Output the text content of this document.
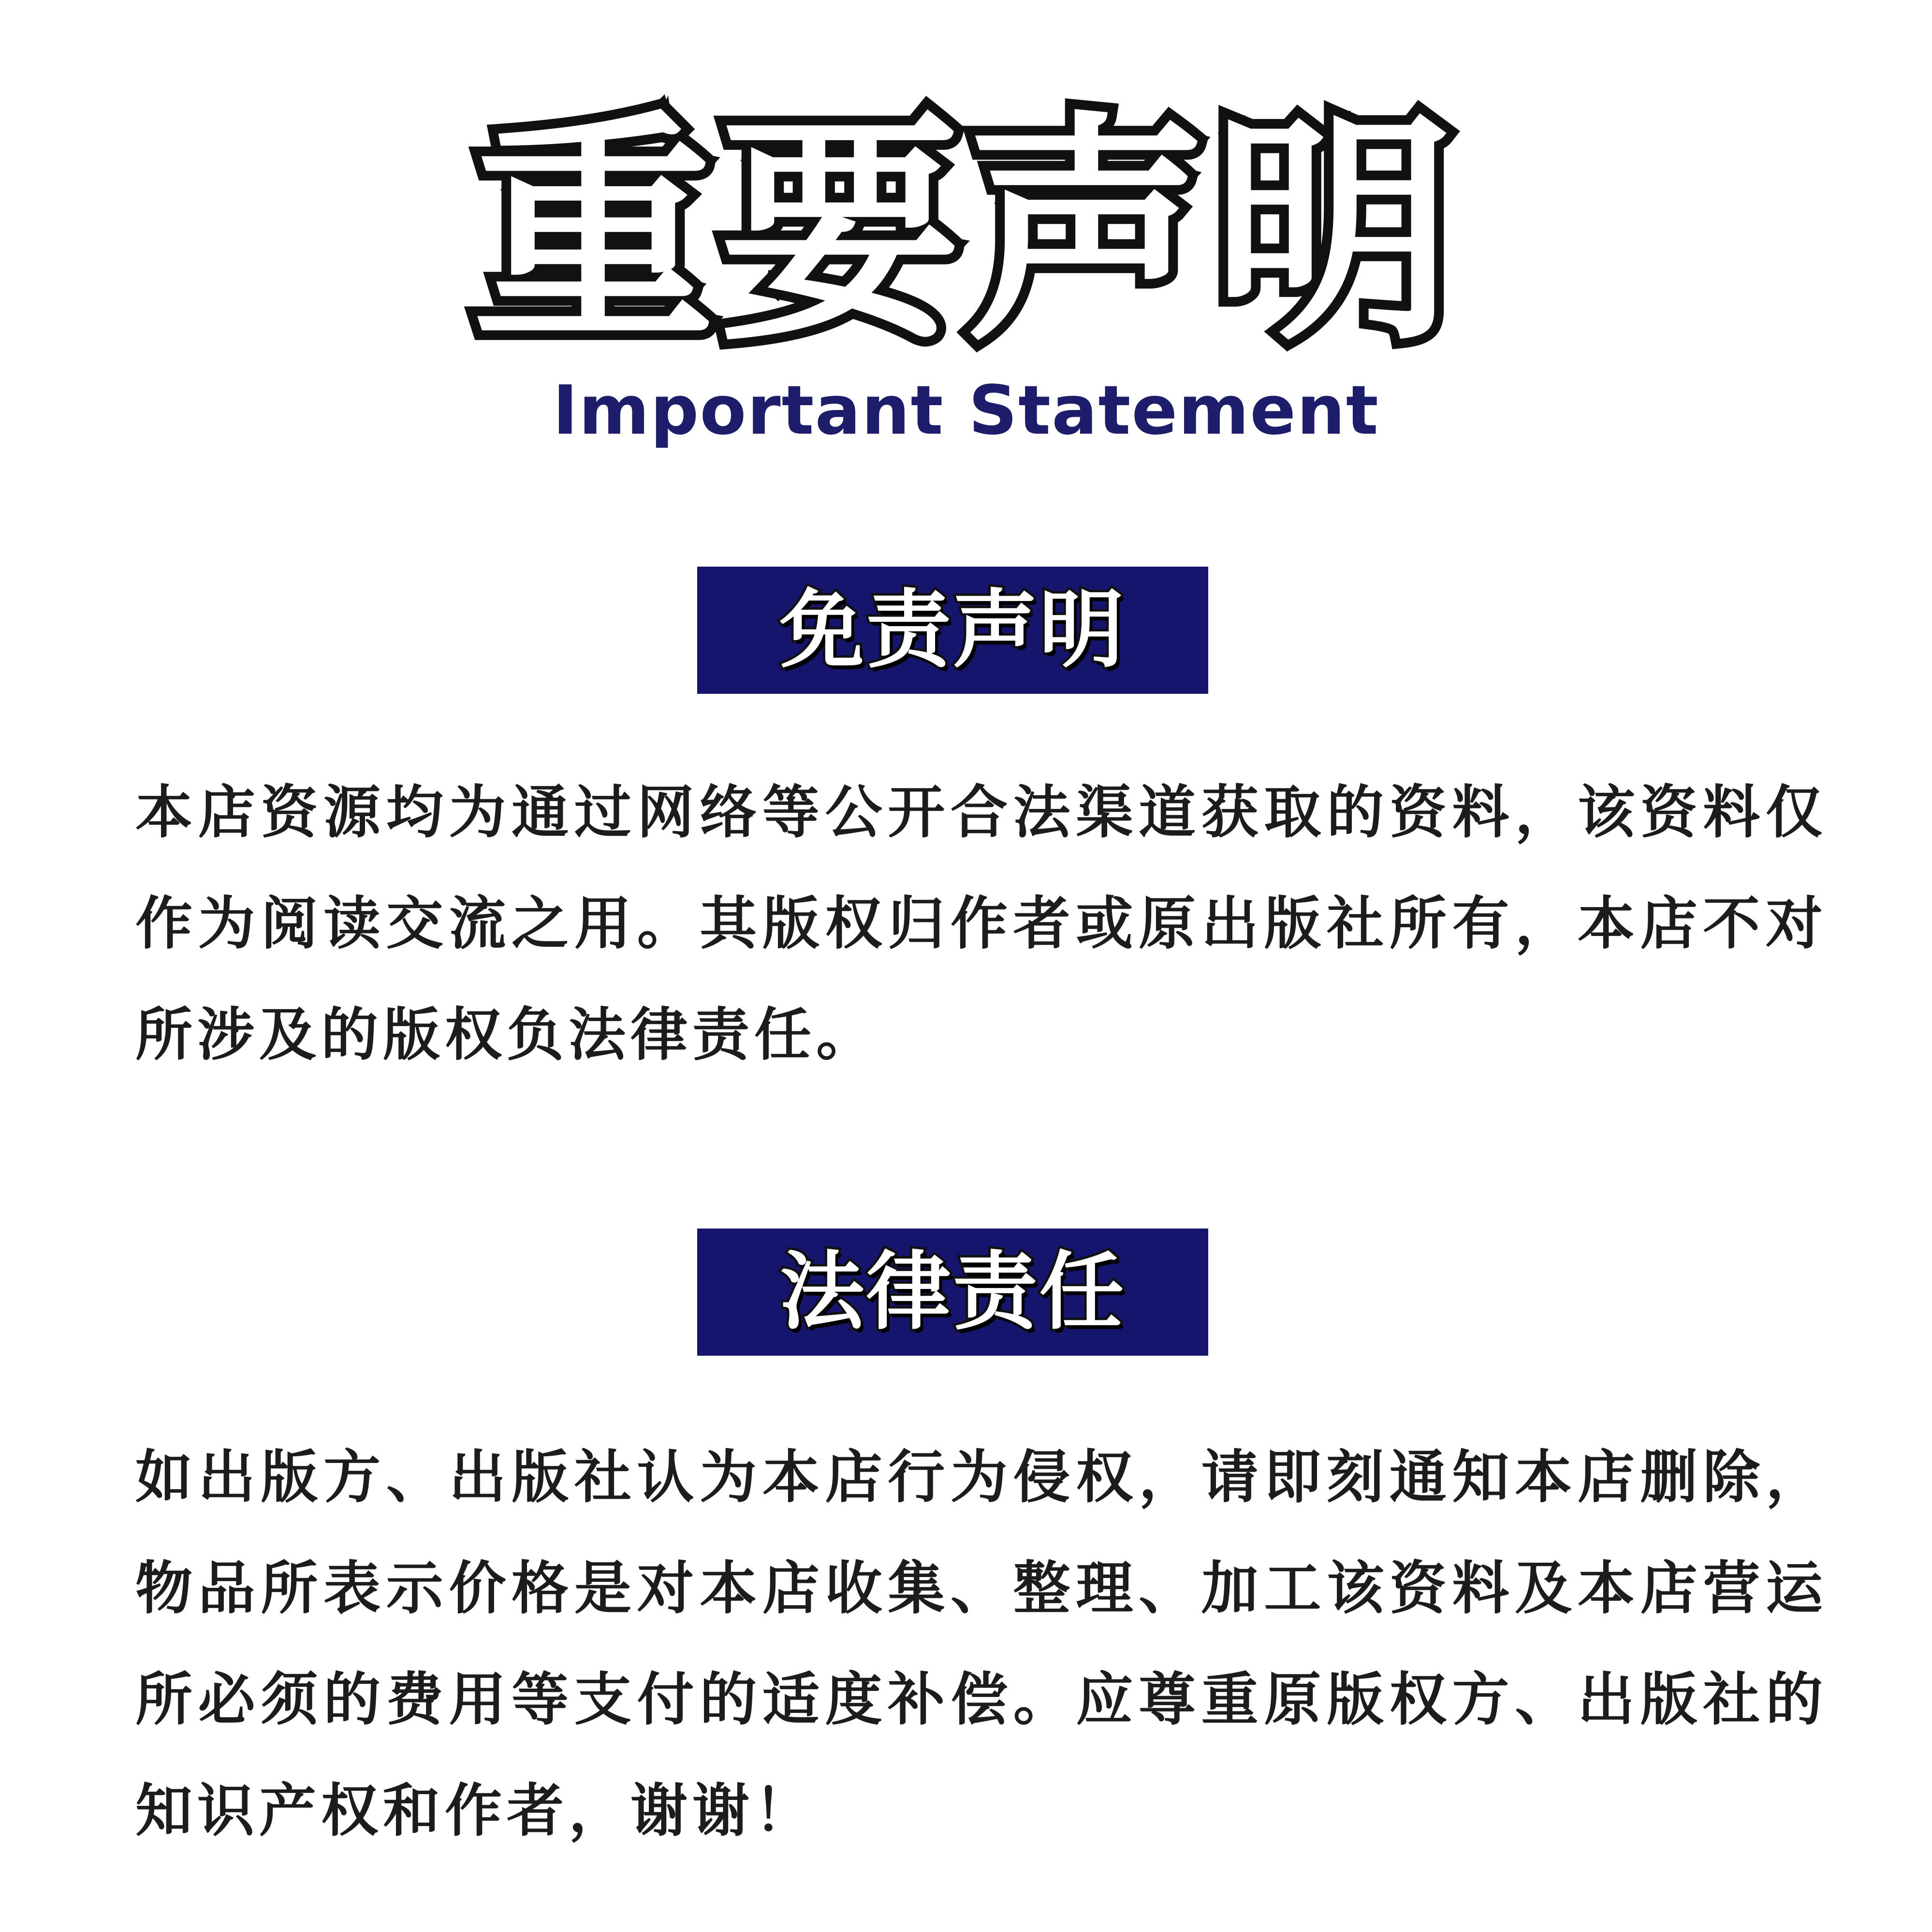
重要声明
Important Statement
免责声明
本店资源均为通过网络等公开合法渠道获取的资料，该资料仅作为阅读交流之用。其版权归作者或原出版社所有，本店不对所涉及的版权负法律责任。
法律责任
如出版方、出版社认为本店行为侵权，请即刻通知本店删除，物品所表示价格是对本店收集、整理、加工该资料及本店营运所必须的费用等支付的适度补偿。应尊重原版权方、出版社的知识产权和作者，谢谢！
